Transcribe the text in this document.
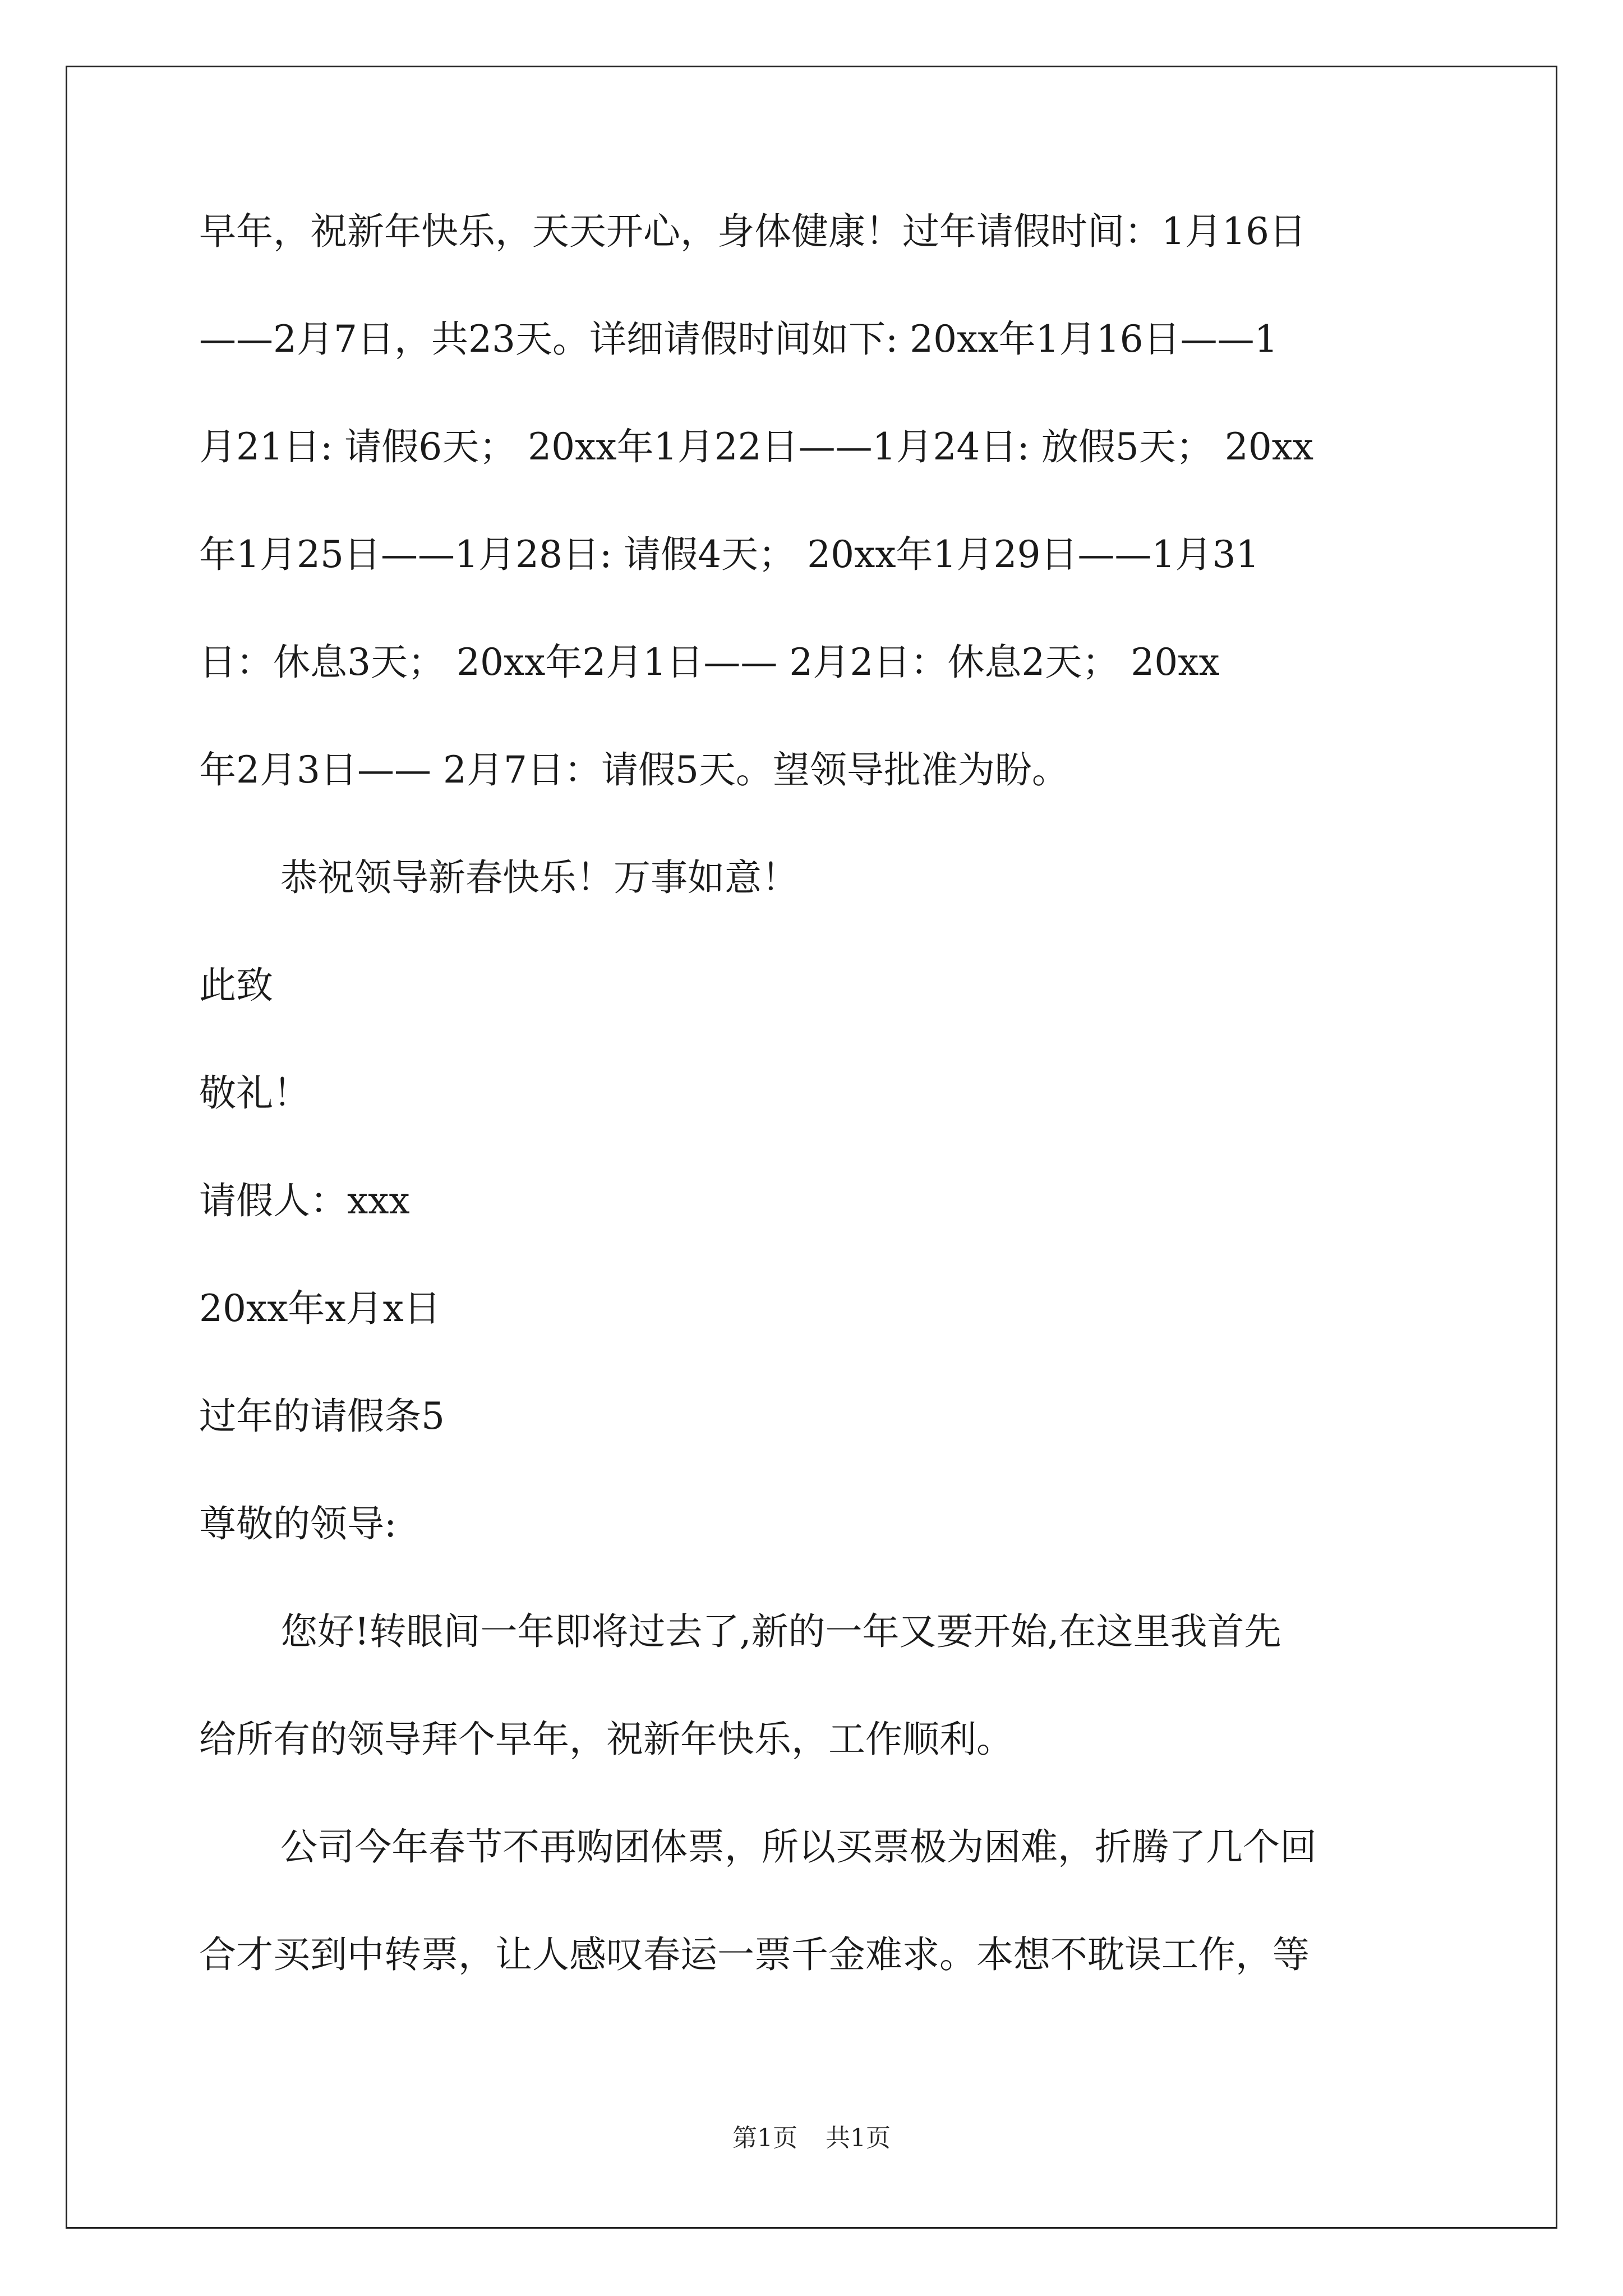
早年，祝新年快乐，天天开心，身体健康！过年请假时间：1月16日
——2月7日，共23天。详细请假时间如下: 20xx年1月16日——1
月21日: 请假6天； 20xx年1月22日——1月24日: 放假5天； 20xx
年1月25日——1月28日: 请假4天； 20xx年1月29日——1月31
日：休息3天； 20xx年2月1日—— 2月2日：休息2天； 20xx
年2月3日—— 2月7日：请假5天。望领导批准为盼。
恭祝领导新春快乐！万事如意！
此致
敬礼！
请假人：xxx
20xx年x月x日
过年的请假条5
尊敬的领导:
您好!转眼间一年即将过去了,新的一年又要开始,在这里我首先
给所有的领导拜个早年，祝新年快乐，工作顺利。
公司今年春节不再购团体票，所以买票极为困难，折腾了几个回
合才买到中转票，让人感叹春运一票千金难求。本想不耽误工作，等
第1页 共1页
